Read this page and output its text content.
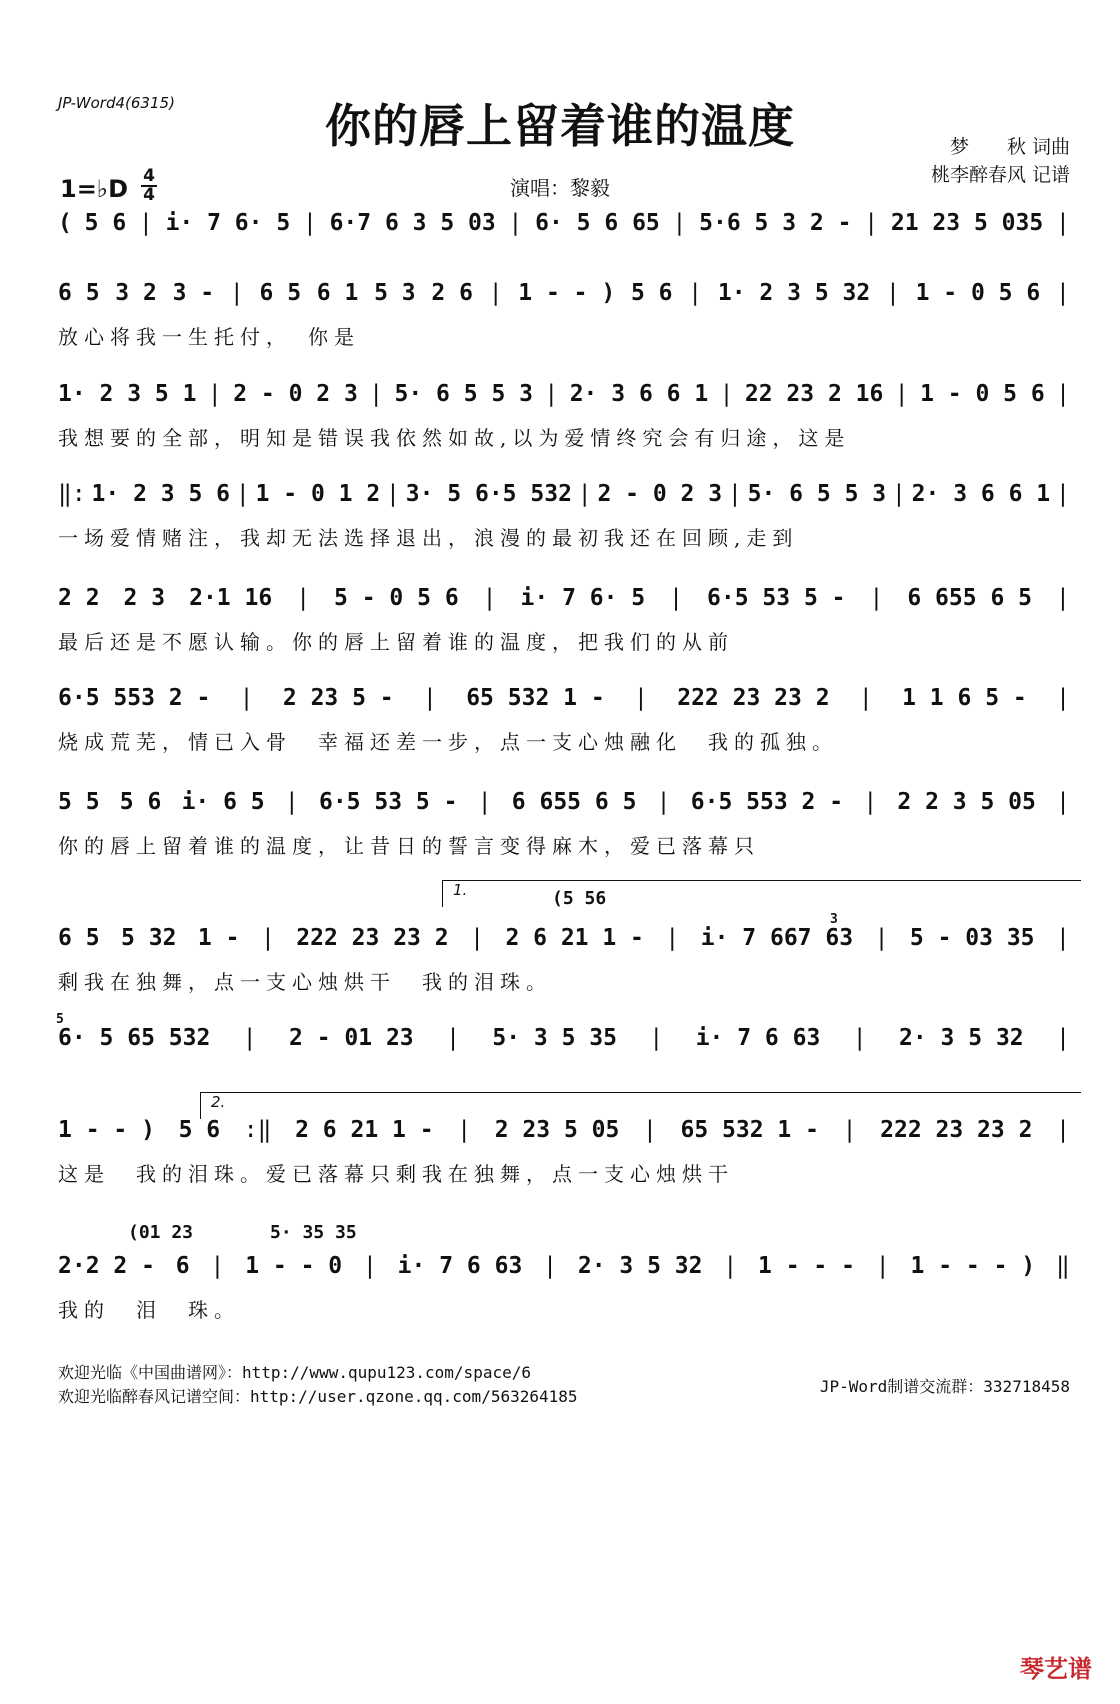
JP-Word4(6315)	你的唇上留着谁的温度	梦　　秋 词曲
桃李醉春风 记谱
1=♭D 4
4	演唱：黎毅
( 5 6 | i· 7 6· 5 | 6·7 6 3 5 03 | 6· 5 6 65 | 5·6 5 3 2 - | 21 23 5 035 |
6 5 3 2 3 - | 6 5 6 1 5 3 2 6 | 1 - - ) 5 6 | 1· 2 3 5 32 | 1 - 0 5 6 |
放心将我一生托付，　你是
1· 2 3 5 1 | 2 - 0 2 3 | 5· 6 5 5 3 | 2· 3 6 6 1 | 22 23 2 16 | 1 - 0 5 6 |
我想要的全部，明知是错误我依然如故,以为爱情终究会有归途，这是
‖: 1· 2 3 5 6 | 1 - 0 1 2 | 3· 5 6·5 532 | 2 - 0 2 3 | 5· 6 5 5 3 | 2· 3 6 6 1 |
一场爱情赌注，我却无法选择退出，浪漫的最初我还在回顾,走到
2 2 2 3 2·1 16 | 5 - 0 5 6 | i· 7 6· 5 | 6·5 53 5 - | 6 655 6 5 |
最后还是不愿认输。你的唇上留着谁的温度，把我们的从前
6·5 553 2 - | 2 23 5 - | 65 532 1 - | 222 23 23 2 | 1 1 6 5 - |
烧成荒芜，情已入骨　幸福还差一步，点一支心烛融化　我的孤独。
5 5 5 6 i· 6 5 | 6·5 53 5 - | 6 655 6 5 | 6·5 553 2 - | 2 2 3 5 05 |
你的唇上留着谁的温度，让昔日的誓言变得麻木，爱已落幕只
6 5 5 32 1 - | 222 23 23 2 | 2 6 21 1 - | i· 7 667 63 | 5 - 03 35 |
剩我在独舞，点一支心烛烘干　我的泪珠。
6· 5 65 532 | 2 - 01 23 | 5· 3 5 35 | i· 7 6 63 | 2· 3 5 32 |
1 - - ) 5 6 :‖ 2 6 21 1 - | 2 23 5 05 | 65 532 1 - | 222 23 23 2 |
这是　我的泪珠。爱已落幕只剩我在独舞，点一支心烛烘干
2·2 2 - 6 | 1 - - 0 | i· 7 6 63 | 2· 3 5 32 | 1 - - - | 1 - - - ) ‖
我的　泪　珠。
1.	(5 56
2.
(01 23	5· 35 35
3
5
欢迎光临《中国曲谱网》：http://www.qupu123.com/space/6
欢迎光临醉春风记谱空间：http://user.qzone.qq.com/563264185
JP-Word制谱交流群：332718458
琴艺谱
